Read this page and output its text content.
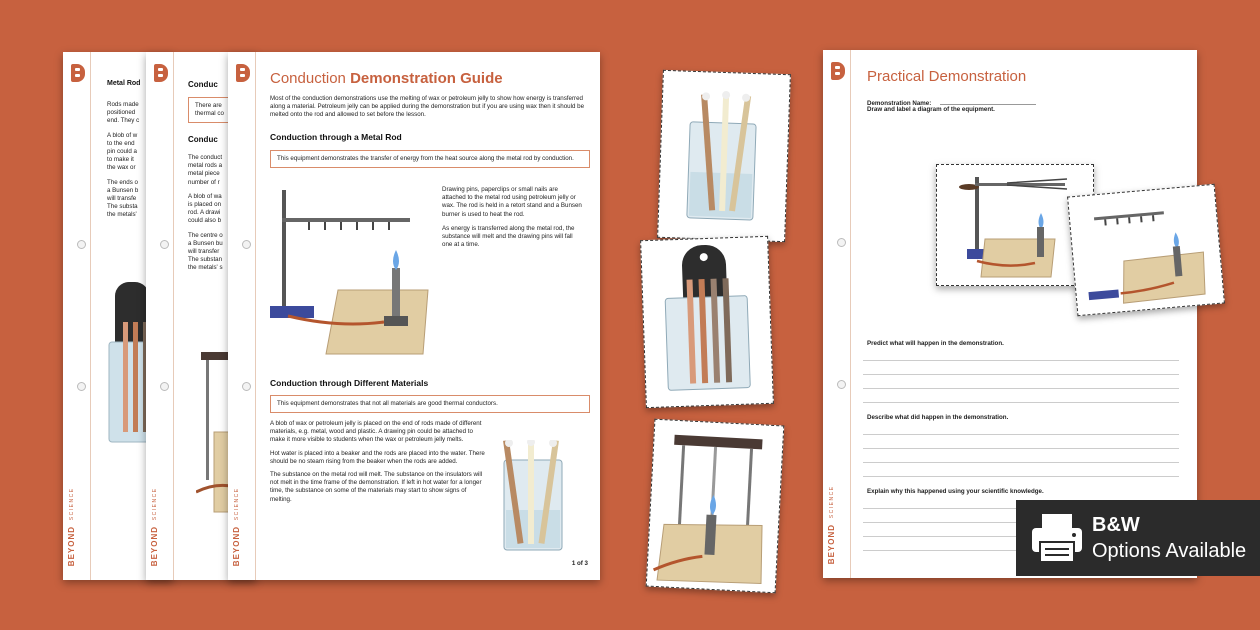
BEYOND SCIENCE
Metal Rod
Rods made
positioned
end. They c
A blob of w
to the end
pin could a
to make it
the wax or
The ends o
a Bunsen b
will transfe
The substa
the metals'
BEYOND SCIENCE
Conduc
There are
thermal co
Conduc
The conduct
metal rods a
metal piece
number of r
A blob of wa
is placed on
rod. A drawi
could also b
The centre o
a Bunsen bu
will transfer
The substan
the metals' s
BEYOND SCIENCE
Conduction Demonstration Guide
Most of the conduction demonstrations use the melting of wax or petroleum jelly to show how energy is transferred along a material. Petroleum jelly can be applied during the demonstration but if you are using wax then it should be melted onto the rod and allowed to set before the lesson.
Conduction through a Metal Rod
This equipment demonstrates the transfer of energy from the heat source along the metal rod by conduction.
Drawing pins, paperclips or small nails are attached to the metal rod using petroleum jelly or wax. The rod is held in a retort stand and a Bunsen burner is used to heat the rod.
As energy is transferred along the metal rod, the substance will melt and the drawing pins will fall one at a time.
Conduction through Different Materials
This equipment demonstrates that not all materials are good thermal conductors.
A blob of wax or petroleum jelly is placed on the end of rods made of different materials, e.g. metal, wood and plastic. A drawing pin could be attached to make it more visible to students when the wax or petroleum jelly melts.
Hot water is placed into a beaker and the rods are placed into the water. There should be no steam rising from the beaker when the rods are added.
The substance on the metal rod will melt. The substance on the insulators will not melt in the time frame of the demonstration. If left in hot water for a longer time, the substance on some of the materials may start to show signs of melting.
1 of 3	BEYOND SCIENCE
Practical Demonstration
Demonstration Name:
Draw and label a diagram of the equipment.
Predict what will happen in the demonstration.
Describe what did happen in the demonstration.
Explain why this happened using your scientific knowledge.
B&W
Options Available
